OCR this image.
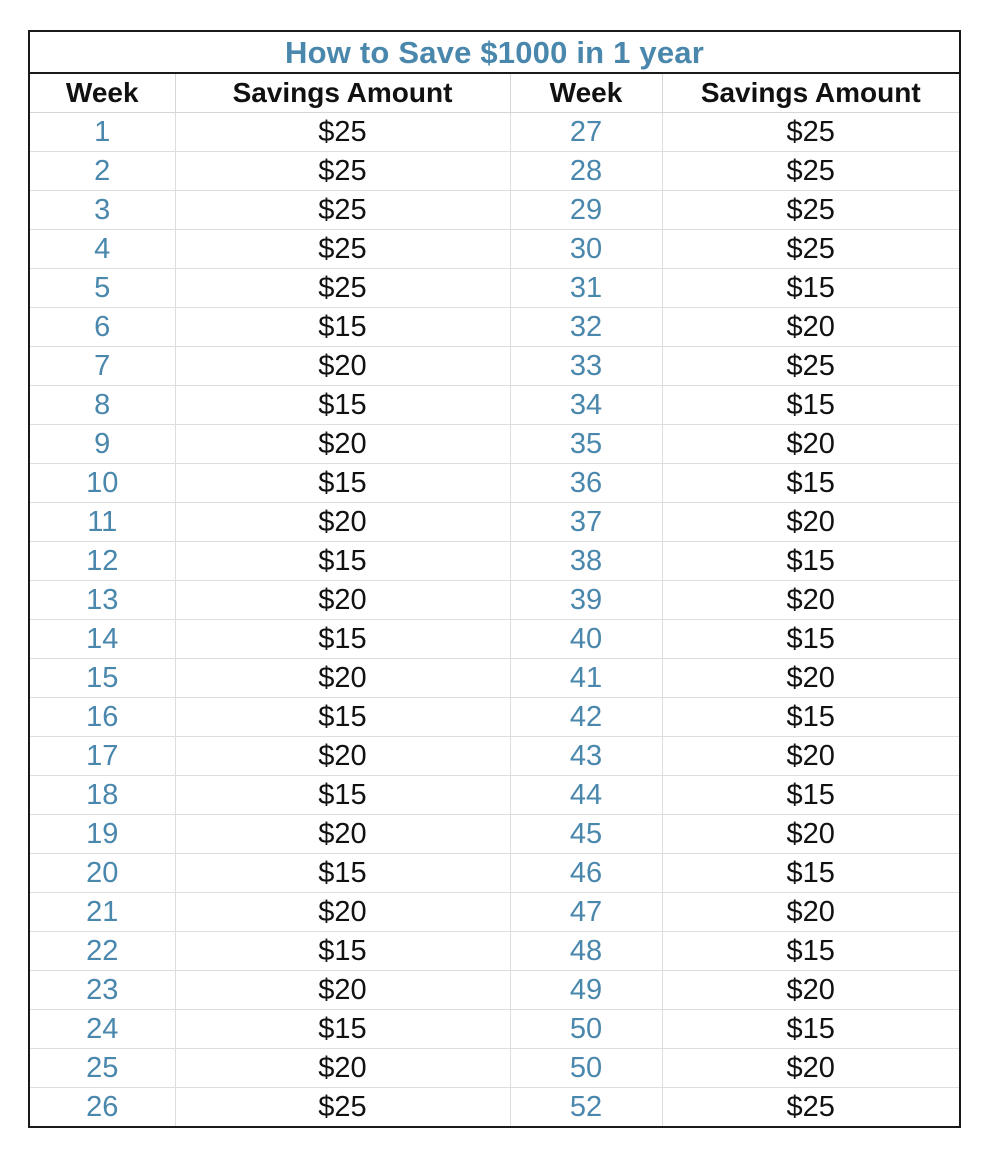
How to Save $1000 in 1 year
Week	Savings Amount	Week	Savings Amount
1	$25	27	$25
2	$25	28	$25
3	$25	29	$25
4	$25	30	$25
5	$25	31	$15
6	$15	32	$20
7	$20	33	$25
8	$15	34	$15
9	$20	35	$20
10	$15	36	$15
11	$20	37	$20
12	$15	38	$15
13	$20	39	$20
14	$15	40	$15
15	$20	41	$20
16	$15	42	$15
17	$20	43	$20
18	$15	44	$15
19	$20	45	$20
20	$15	46	$15
21	$20	47	$20
22	$15	48	$15
23	$20	49	$20
24	$15	50	$15
25	$20	50	$20
26	$25	52	$25
